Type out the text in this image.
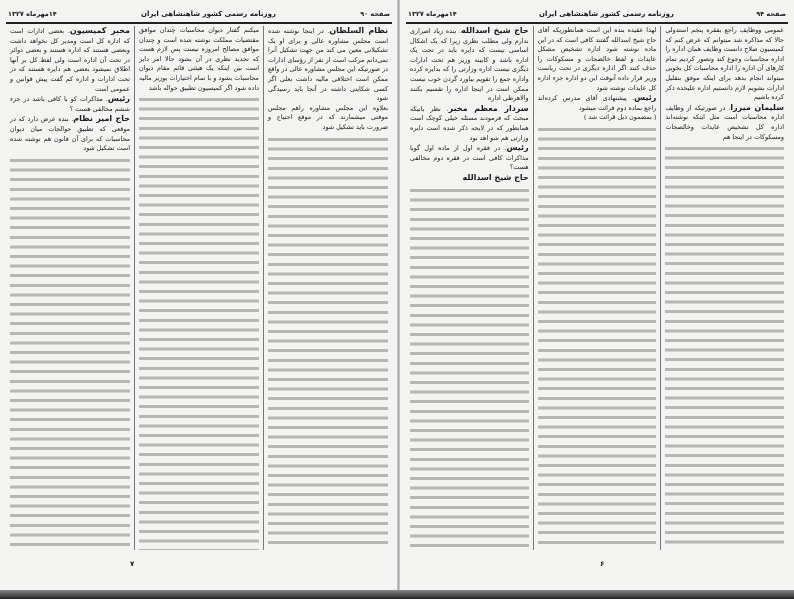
صفحه ۹۰
روزنامه رسمی کشور شاهنشاهی ایران
۱۴مهرماه ۱۳۲۷

نظام السلطان. در اینجا نوشته شده است مجلس مشاوره عالی و برای او یک تشکیلاتی معین می کند من جهت تشکیل آنرا نمی‌دانم مرکب است از نفر از رؤسای ادارات در صورتیکه این مجلس مشاوره عالی در واقع ممکن است اختلافی مالیه داشت بعلی اگر کسی شکایتی داشته در آنجا باید رسیدگی شود

بعلاوه این مجلس مشاوره راهم مجلس موقتی میشمارند که در موقع احتیاج و ضرورت باید تشکیل شود

میکنم گفتار دیوان محاسبات چندان موافق مقتضیات مملکت نوشته شده است و چندان موافق مصالح امروزه نیست پس لازم هست که تجدید نظری در آن بشود حالا امر دایر است بین اینکه یک هیئتی قائم مقام دیوان محاسبات بشود و با تمام اختیارات بوزیر مالیه داده شود اگر کمیسیون تطبیق حواله باشد

مخبر کمیسیون. بعضی ادارات است که اداره کل است ومدیر کل نخواهد داشت وبعضی هستند که اداره هستند و بعضی دوائر در تحت آن اداره است ولی لفظ کل بر آنها اطلاق نمیشود بعضی هم دایره هستند که در تحت ادارات و اداره کم گفت پیش قوانین و عمومی است

رئیس. مذاکرات کو با کافی باشد در جزء ششم مخالفی هست ؟

حاج امیر نظام. بنده عرض دارد که در موقعی که تطبیق حوالجات میان دیوان محاسبات که برای آن قانون هم نوشته شده است تشکیل شود

۷
صفحه ۹۴
روزنامه رسمی کشور شاهنشاهی ایران
۱۴مهرماه ۱۳۲۷

عمومی ووظایف راجع بفقره پنجم استدولی حالا که مذاکره شد میتوانم که عرض کنم که کمیسیون صلاح دانست وظایف همان اداره را اداره محاسبات وجوع کند وتصور کردیم تمام کارهای آن اداره را اداره محاسبات کل بخوبی میتواند انجام بدهد برای اینکه موفق بتقلیل ادارات بشویم لازم دانستیم اداره علیحده ذکر کرده باشیم

سلیمان میرزا. در صورتیکه از وظایف اداره محاسبات است مثل اینکه نوشته‌اند اداره کل تشخیص عایدات وخالصجات ومسکوکات در اینجا هم

لهذا عقیده بنده این است همانطوریکه آقای حاج شیخ اسدالله گفتند کافی است که در این ماده نوشته شود اداره تشخیص مشکل عایدات و لفظ خالصجات و مسکوکات را حذف کنند اگر اداره دیگری در تحت ریاست وزیر قرار داده آنوقت این دو اداره جزء اداره کل عایدات نوشته شود

رئیس. پیشنهادی آقای مدرس کرده‌اند راجع بماده دوم قرائت میشود

( بمضمون ذیل قرائت شد )

حاج شیخ اسدالله. بنده زیاد اصراری ندارم ولی مطلب نظری زیرا که یک اشکال اساسی نیست که دایره باید در تحت یک اداره باشد و کابینه وزیر هم تحت ادارات دیگری نیست اداره وزارتی را که بدایره کرده واداره جمع را تقویم بیاورد گردن خوب نیست ممکن است در اینجا اداره را تقسیم بکنند والاهرطی اداره

سردار معظم مخبر. نظر بانیکه مبحث که فرمودند مسئله خیلی کوچک است همانطور که در لایحه ذکر شده است دایره وزارتی هم شو اهد بود

رئیس. در فقره اول از ماده اول گویا مذاکرات کافی است در فقره دوم مخالفی هست؟

حاج شیخ اسدالله

۶
